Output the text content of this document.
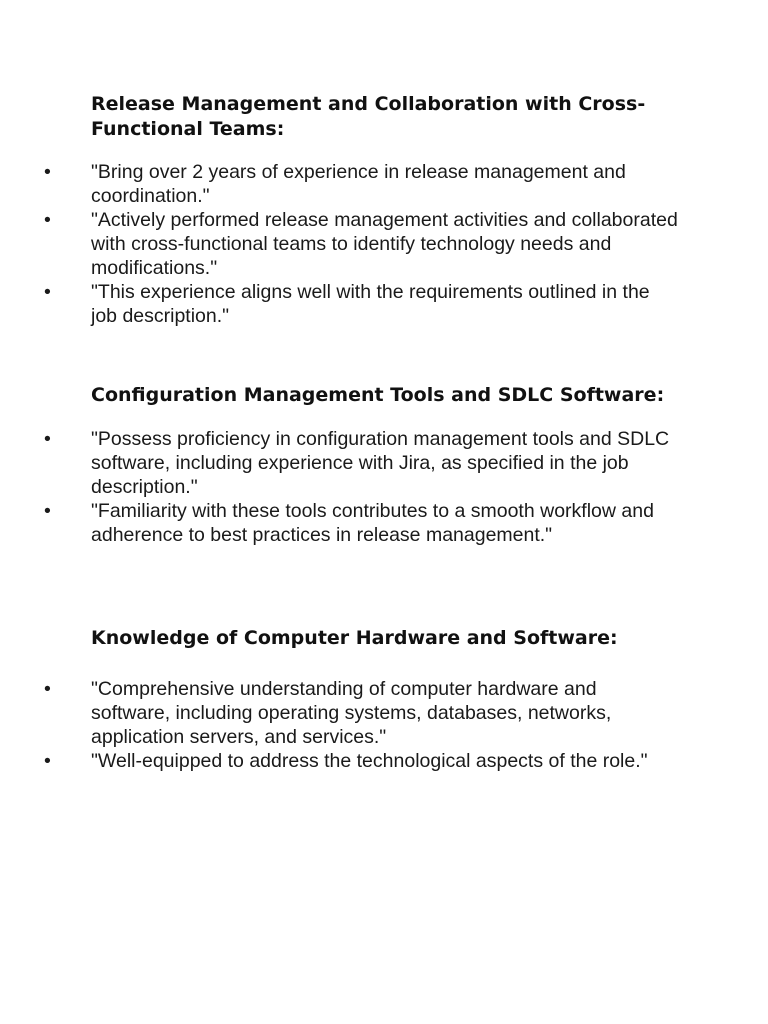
Release Management and Collaboration with Cross-Functional Teams:
• "Bring over 2 years of experience in release management and coordination."
• "Actively performed release management activities and collaborated with cross-functional teams to identify technology needs and modifications."
• "This experience aligns well with the requirements outlined in the job description."
Configuration Management Tools and SDLC Software:
• "Possess proficiency in configuration management tools and SDLC software, including experience with Jira, as specified in the job description."
• "Familiarity with these tools contributes to a smooth workflow and adherence to best practices in release management."
Knowledge of Computer Hardware and Software:
• "Comprehensive understanding of computer hardware and software, including operating systems, databases, networks, application servers, and services."
• "Well-equipped to address the technological aspects of the role."
